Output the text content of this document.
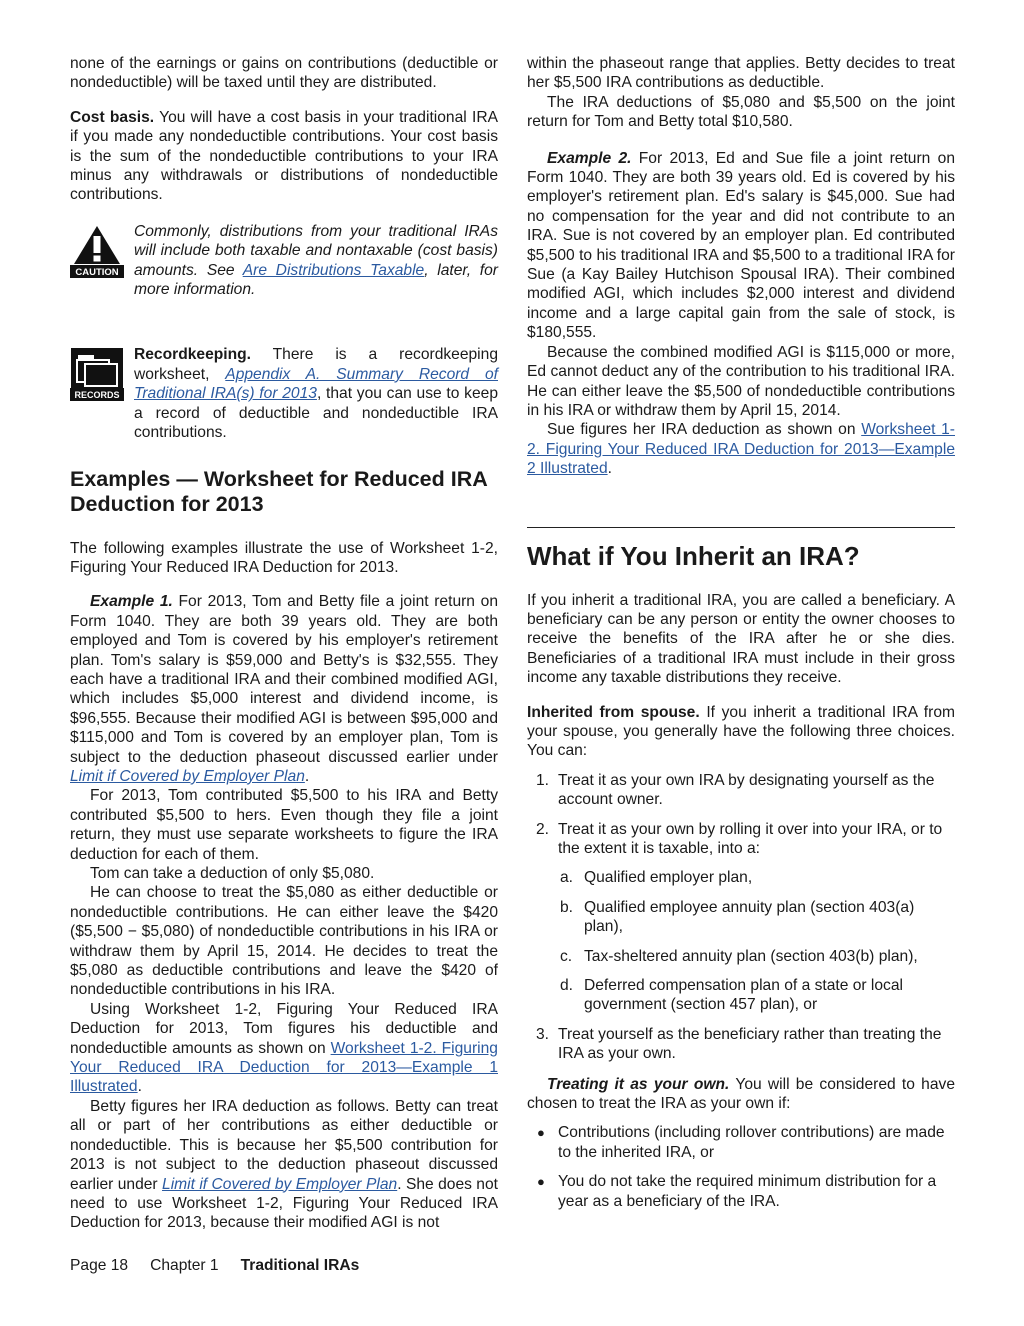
none of the earnings or gains on contributions (deductible or nondeductible) will be taxed until they are distributed.

Cost basis. You will have a cost basis in your traditional IRA if you made any nondeductible contributions. Your cost basis is the sum of the nondeductible contributions to your IRA minus any withdrawals or distributions of nondeductible contributions.

CAUTION

Commonly, distributions from your traditional IRAs will include both taxable and nontaxable (cost basis) amounts. See Are Distributions Taxable, later, for more information.

RECORDS

Recordkeeping. There is a recordkeeping worksheet, Appendix A. Summary Record of Traditional IRA(s) for 2013, that you can use to keep a record of deductible and nondeductible IRA contributions.

Examples — Worksheet for Reduced IRA Deduction for 2013

The following examples illustrate the use of Worksheet 1-2, Figuring Your Reduced IRA Deduction for 2013.

Example 1. For 2013, Tom and Betty file a joint return on Form 1040. They are both 39 years old. They are both employed and Tom is covered by his employer's retirement plan. Tom's salary is $59,000 and Betty's is $32,555. They each have a traditional IRA and their combined modified AGI, which includes $5,000 interest and dividend income, is $96,555. Because their modified AGI is between $95,000 and $115,000 and Tom is covered by an employer plan, Tom is subject to the deduction phaseout discussed earlier under Limit if Covered by Employer Plan.

For 2013, Tom contributed $5,500 to his IRA and Betty contributed $5,500 to hers. Even though they file a joint return, they must use separate worksheets to figure the IRA deduction for each of them.

Tom can take a deduction of only $5,080.

He can choose to treat the $5,080 as either deductible or nondeductible contributions. He can either leave the $420 ($5,500 − $5,080) of nondeductible contributions in his IRA or withdraw them by April 15, 2014. He decides to treat the $5,080 as deductible contributions and leave the $420 of nondeductible contributions in his IRA.

Using Worksheet 1-2, Figuring Your Reduced IRA Deduction for 2013, Tom figures his deductible and nondeductible amounts as shown on Worksheet 1-2. Figuring Your Reduced IRA Deduction for 2013—Example 1 Illustrated.

Betty figures her IRA deduction as follows. Betty can treat all or part of her contributions as either deductible or nondeductible. This is because her $5,500 contribution for 2013 is not subject to the deduction phaseout discussed earlier under Limit if Covered by Employer Plan. She does not need to use Worksheet 1-2, Figuring Your Reduced IRA Deduction for 2013, because their modified AGI is not

within the phaseout range that applies. Betty decides to treat her $5,500 IRA contributions as deductible.

The IRA deductions of $5,080 and $5,500 on the joint return for Tom and Betty total $10,580.

Example 2. For 2013, Ed and Sue file a joint return on Form 1040. They are both 39 years old. Ed is covered by his employer's retirement plan. Ed's salary is $45,000. Sue had no compensation for the year and did not contribute to an IRA. Sue is not covered by an employer plan. Ed contributed $5,500 to his traditional IRA and $5,500 to a traditional IRA for Sue (a Kay Bailey Hutchison Spousal IRA). Their combined modified AGI, which includes $2,000 interest and dividend income and a large capital gain from the sale of stock, is $180,555.

Because the combined modified AGI is $115,000 or more, Ed cannot deduct any of the contribution to his traditional IRA. He can either leave the $5,500 of nondeductible contributions in his IRA or withdraw them by April 15, 2014.

Sue figures her IRA deduction as shown on Worksheet 1-2. Figuring Your Reduced IRA Deduction for 2013—Example 2 Illustrated.

What if You Inherit an IRA?

If you inherit a traditional IRA, you are called a beneficiary. A beneficiary can be any person or entity the owner chooses to receive the benefits of the IRA after he or she dies. Beneficiaries of a traditional IRA must include in their gross income any taxable distributions they receive.

Inherited from spouse. If you inherit a traditional IRA from your spouse, you generally have the following three choices. You can:

1. Treat it as your own IRA by designating yourself as the account owner.
2. Treat it as your own by rolling it over into your IRA, or to the extent it is taxable, into a:
a. Qualified employer plan,
b. Qualified employee annuity plan (section 403(a) plan),
c. Tax-sheltered annuity plan (section 403(b) plan),
d. Deferred compensation plan of a state or local government (section 457 plan), or
3. Treat yourself as the beneficiary rather than treating the IRA as your own.

Treating it as your own. You will be considered to have chosen to treat the IRA as your own if:

● Contributions (including rollover contributions) are made to the inherited IRA, or
● You do not take the required minimum distribution for a year as a beneficiary of the IRA.
Page 18 Chapter 1 Traditional IRAs
